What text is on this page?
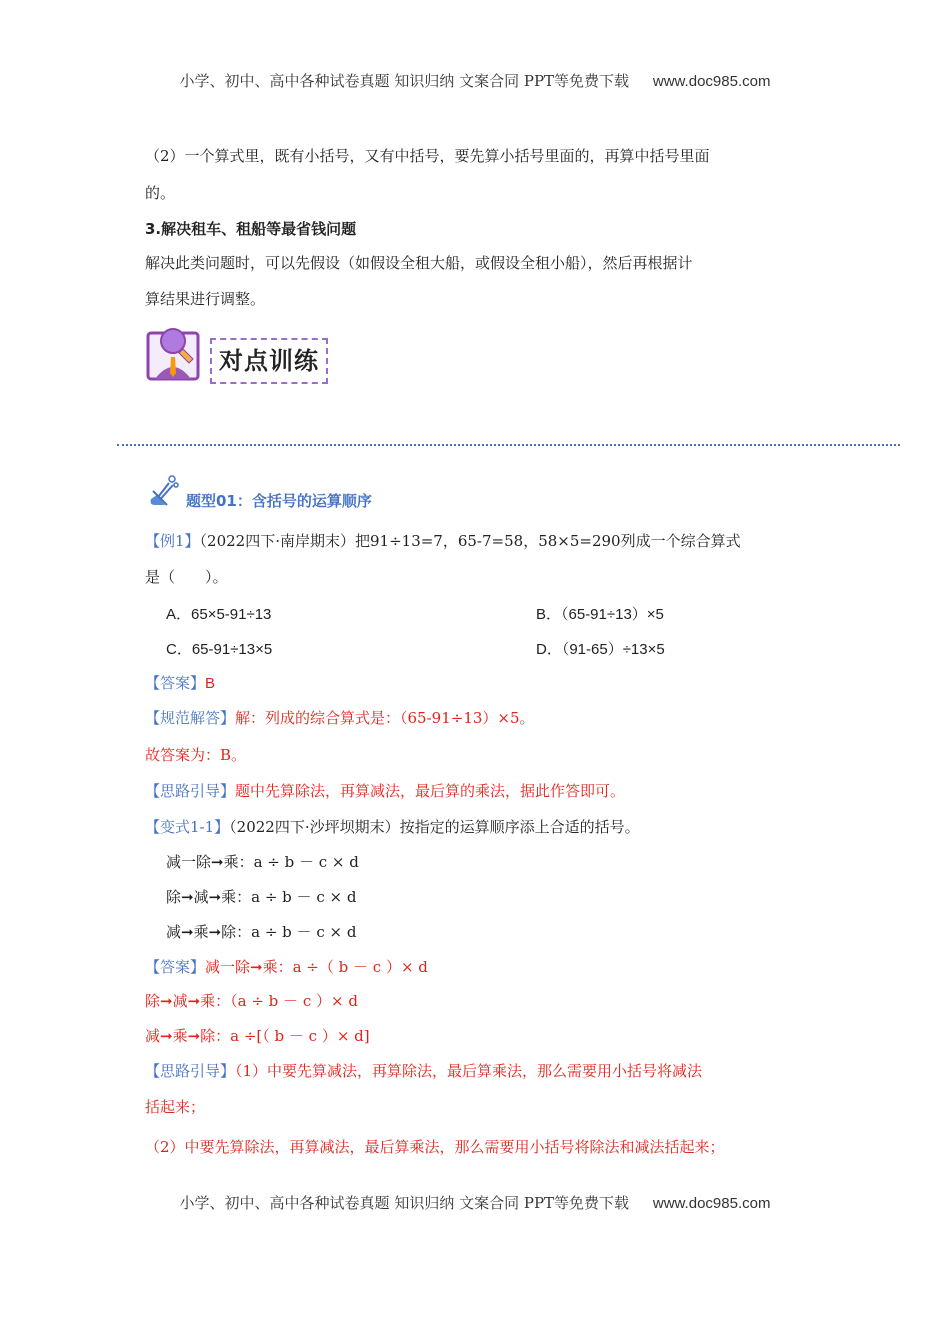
小学、初中、高中各种试卷真题 知识归纳 文案合同 PPT等免费下载 www.doc985.com
（2）一个算式里，既有小括号，又有中括号，要先算小括号里面的，再算中括号里面
的。
3.解决租车、租船等最省钱问题
解决此类问题时，可以先假设（如假设全租大船，或假设全租小船），然后再根据计
算结果进行调整。
对点训练
题型01：含括号的运算顺序
【例1】（2022四下·南岸期末）把91÷13=7，65-7=58，58×5=290列成一个综合算式
是（　　）。
A．65×5-91÷13	B．（65-91÷13）×5
C．65-91÷13×5	D．（91-65）÷13×5
【答案】B
【规范解答】解：列成的综合算式是：（65-91÷13）×5。
故答案为：B。
【思路引导】题中先算除法，再算减法，最后算的乘法，据此作答即可。
【变式1-1】（2022四下·沙坪坝期末）按指定的运算顺序添上合适的括号。
减一除➞乘：a ÷ b － c × d
除➞减➞乘：a ÷ b － c × d
减➞乘➞除：a ÷ b － c × d
【答案】减一除➞乘：a ÷（ b － c ）× d
除➞减➞乘：（a ÷ b － c ）× d
减➞乘➞除：a ÷[（ b － c ）× d]
【思路引导】（1）中要先算减法，再算除法，最后算乘法，那么需要用小括号将减法
括起来；
（2）中要先算除法，再算减法，最后算乘法，那么需要用小括号将除法和减法括起来；
小学、初中、高中各种试卷真题 知识归纳 文案合同 PPT等免费下载 www.doc985.com
